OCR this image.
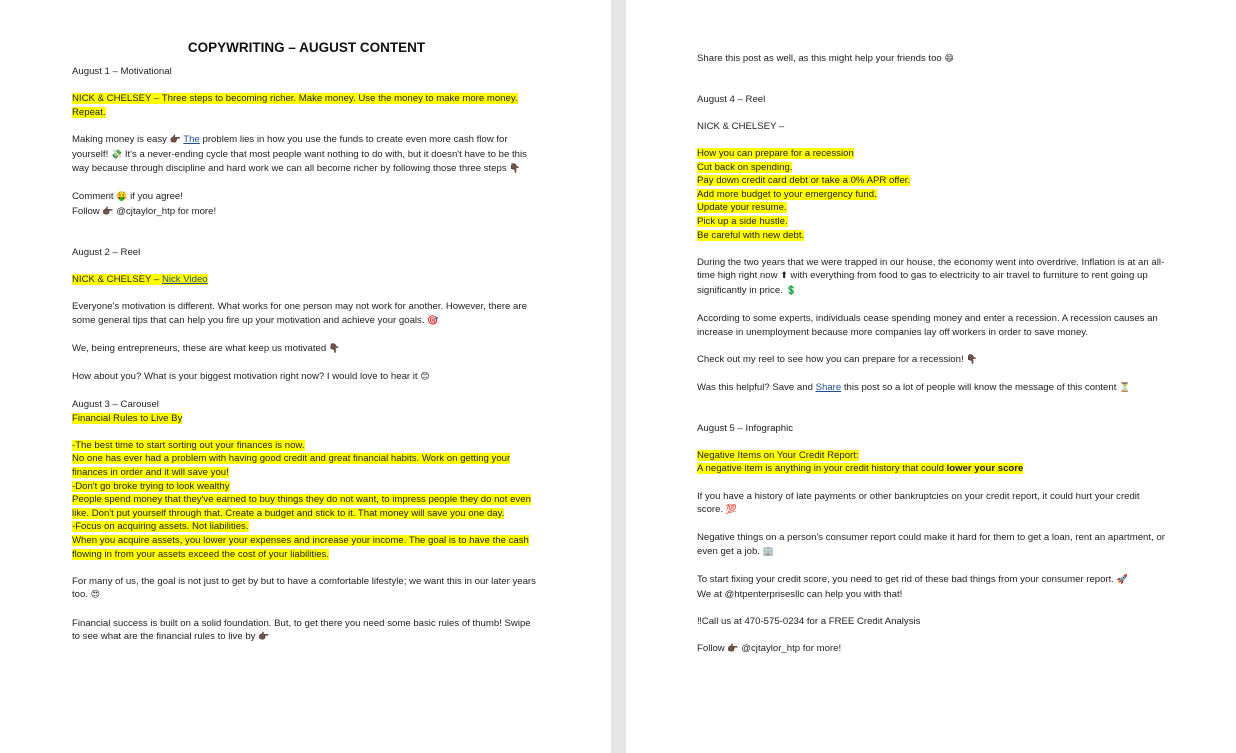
COPYWRITING – AUGUST CONTENT

August 1 – Motivational

NICK & CHELSEY – Three steps to becoming richer. Make money. Use the money to make more money. Repeat.

Making money is easy 👉🏿 The problem lies in how you use the funds to create even more cash flow for yourself! 💸 It's a never-ending cycle that most people want nothing to do with, but it doesn't have to be this way because through discipline and hard work we can all become richer by following those three steps 👇🏿

Comment 🤑 if you agree!

Follow 👉🏿 @cjtaylor_htp for more!

August 2 – Reel

NICK & CHELSEY – Nick Video

Everyone's motivation is different. What works for one person may not work for another. However, there are some general tips that can help you fire up your motivation and achieve your goals. 🎯

We, being entrepreneurs, these are what keep us motivated 👇🏿

How about you? What is your biggest motivation right now? I would love to hear it 😊

August 3 – Carousel

Financial Rules to Live By

-The best time to start sorting out your finances is now.

No one has ever had a problem with having good credit and great financial habits. Work on getting your finances in order and it will save you!

-Don't go broke trying to look wealthy

People spend money that they've earned to buy things they do not want, to impress people they do not even like. Don't put yourself through that. Create a budget and stick to it. That money will save you one day.

-Focus on acquiring assets. Not liabilities.

When you acquire assets, you lower your expenses and increase your income. The goal is to have the cash flowing in from your assets exceed the cost of your liabilities.

For many of us, the goal is not just to get by but to have a comfortable lifestyle; we want this in our later years too. 😍

Financial success is built on a solid foundation. But, to get there you need some basic rules of thumb! Swipe to see what are the financial rules to live by 👉🏿

Share this post as well, as this might help your friends too 😄

August 4 – Reel

NICK & CHELSEY –

How you can prepare for a recession

Cut back on spending.

Pay down credit card debt or take a 0% APR offer.

Add more budget to your emergency fund.

Update your resume.

Pick up a side hustle.

Be careful with new debt.

During the two years that we were trapped in our house, the economy went into overdrive. Inflation is at an all-time high right now ⬆ with everything from food to gas to electricity to air travel to furniture to rent going up significantly in price. 💲

According to some experts, individuals cease spending money and enter a recession. A recession causes an increase in unemployment because more companies lay off workers in order to save money.

Check out my reel to see how you can prepare for a recession! 👇🏿

Was this helpful? Save and Share this post so a lot of people will know the message of this content ⏳

August 5 – Infographic

Negative Items on Your Credit Report:

A negative item is anything in your credit history that could lower your score

If you have a history of late payments or other bankruptcies on your credit report, it could hurt your credit score. 💯

Negative things on a person's consumer report could make it hard for them to get a loan, rent an apartment, or even get a job. 🏢

To start fixing your credit score, you need to get rid of these bad things from your consumer report. 🚀
We at @htpenterprisesllc can help you with that!

‼Call us at 470-575-0234 for a FREE Credit Analysis

Follow 👉🏿 @cjtaylor_htp for more!
